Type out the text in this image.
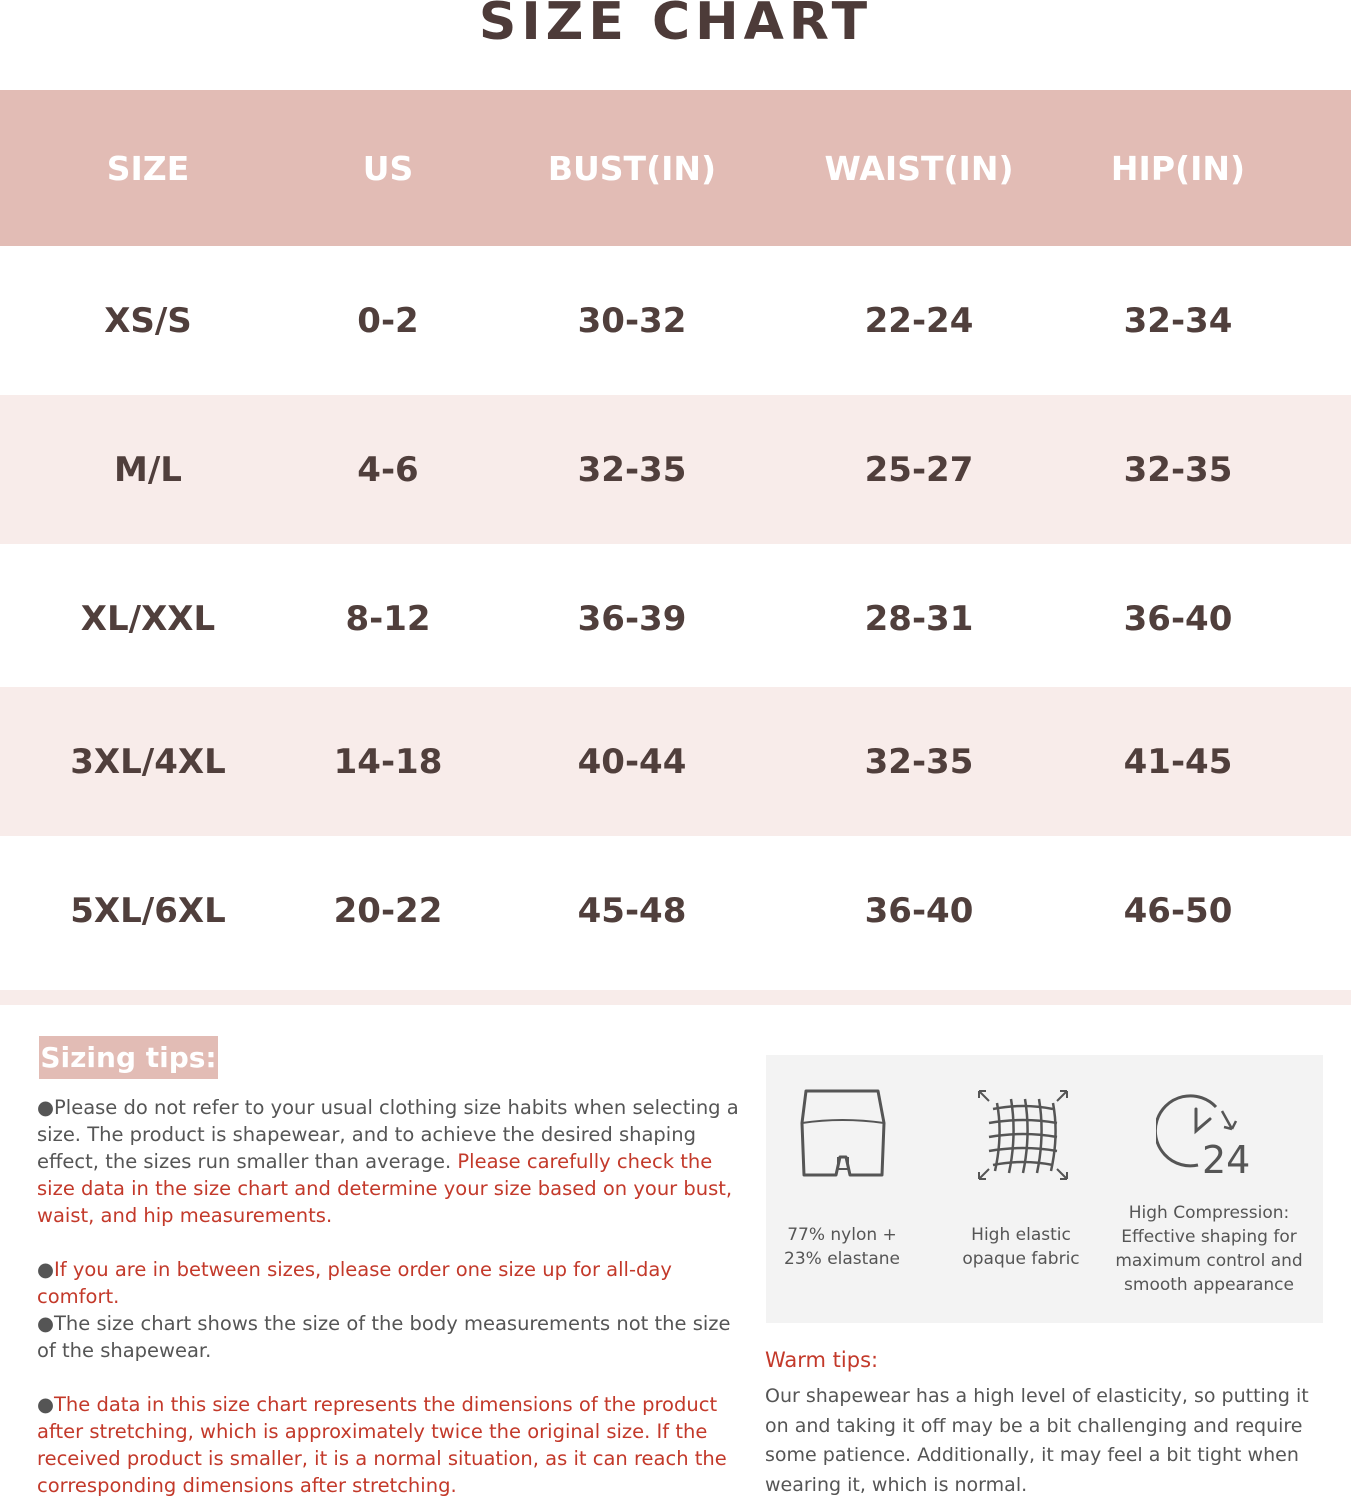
SIZE CHART
SIZE	US	BUST(IN)	WAIST(IN)	HIP(IN)
XS/S	0-2	30-32	22-24	32-34
M/L	4-6	32-35	25-27	32-35
XL/XXL	8-12	36-39	28-31	36-40
3XL/4XL	14-18	40-44	32-35	41-45
5XL/6XL	20-22	45-48	36-40	46-50
Sizing tips:
●Please do not refer to your usual clothing size habits when selecting a size. The product is shapewear, and to achieve the desired shaping effect, the sizes run smaller than average. Please carefully check the size data in the size chart and determine your size based on your bust, waist, and hip measurements.
●If you are in between sizes, please order one size up for all-day comfort.
●The size chart shows the size of the body measurements not the size of the shapewear.
●The data in this size chart represents the dimensions of the product after stretching, which is approximately twice the original size. If the received product is smaller, it is a normal situation, as it can reach the corresponding dimensions after stretching.
24
77% nylon +
23% elastane
High elastic
opaque fabric
High Compression:
Effective shaping for
maximum control and
smooth appearance
Warm tips:
Our shapewear has a high level of elasticity, so putting it on and taking it off may be a bit challenging and require some patience. Additionally, it may feel a bit tight when wearing it, which is normal.
